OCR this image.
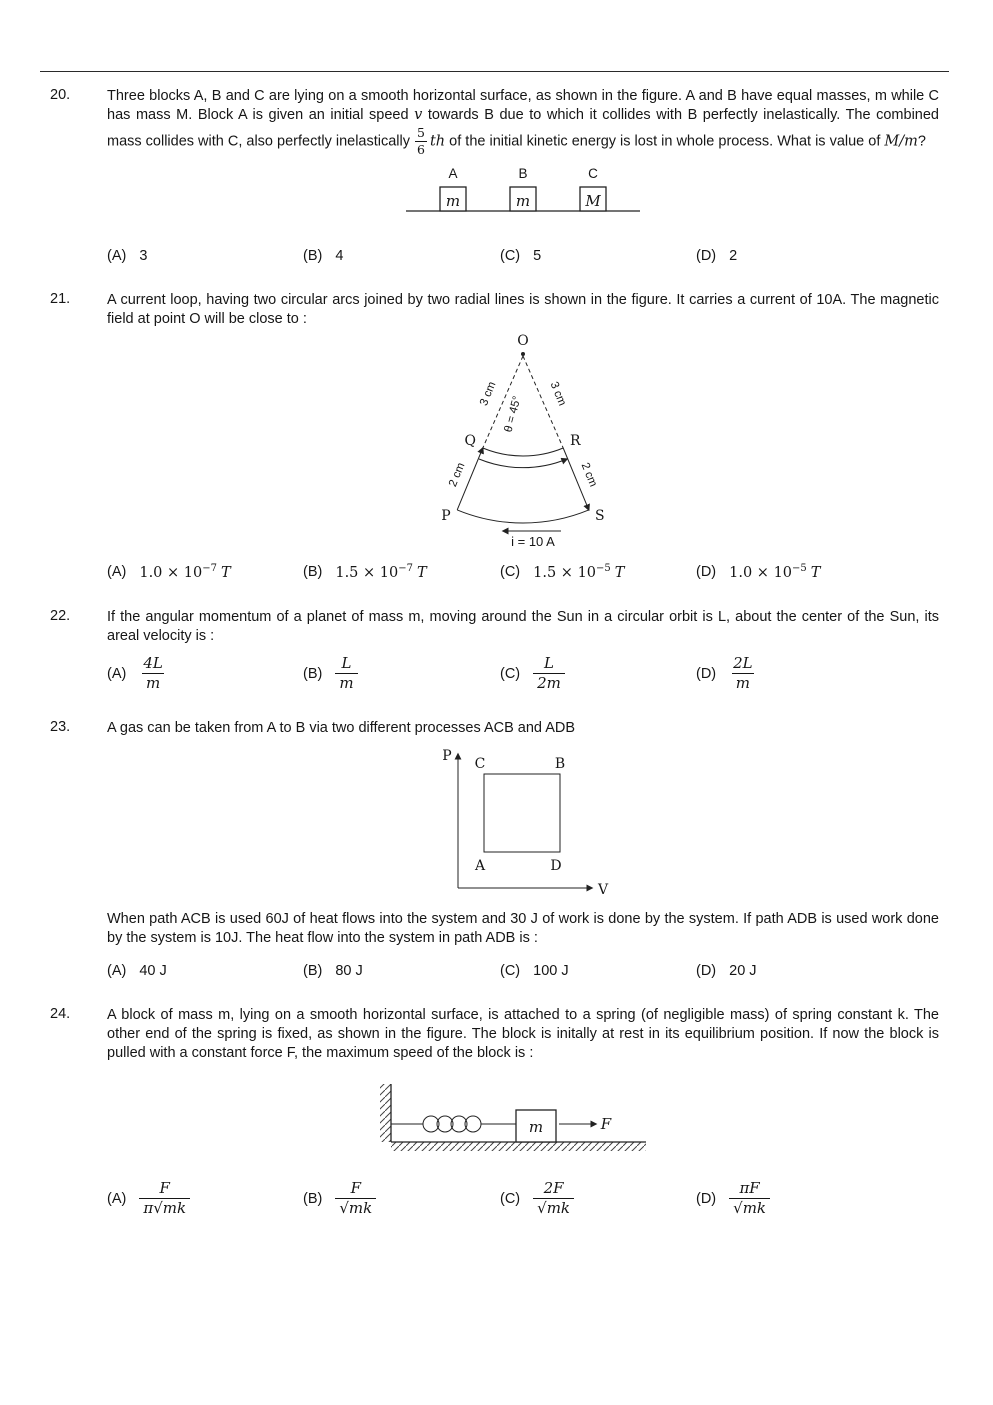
20.	Three blocks A, B and C are lying on a smooth horizontal surface, as shown in the figure. A and B have equal masses, m while C has mass M. Block A is given an initial speed v towards B due to which it collides with B perfectly inelastically. The combined mass collides with C, also perfectly inelastically $\frac{5}{6}$ th of the initial kinetic energy is lost in whole process. What is value of M/m?

A	B	C
m	m	M
(A) 3	(B) 4	(C) 5	(D) 2
21.	A current loop, having two circular arcs joined by two radial lines is shown in the figure. It carries a current of 10A. The magnetic field at point O will be close to :

O
3 cm	3 cm
θ = 45°
2 cm	2 cm
Q	R
P	S
i = 10 A
(A) $1.0 \times 10^{-7}$ T	(B) $1.5 \times 10^{-7}$ T	(C) $1.5 \times 10^{-5}$ T	(D) $1.0 \times 10^{-5}$ T
22.	If the angular momentum of a planet of mass m, moving around the Sun in a circular orbit is L, about the center of the Sun, its areal velocity is :

$(A) \frac{4L}{m}$	$(B) \frac{L}{m}$	$(C) \frac{L}{2m}$	$(D) \frac{2L}{m}$
23.	A gas can be taken from A to B via two different processes ACB and ADB

P
V
C	B
A	D

When path ACB is used 60J of heat flows into the system and 30 J of work is done by the system. If path ADB is used work done by the system is 10J. The heat flow into the system in path ADB is :

(A) 40 J	(B) 80 J	(C) 100 J	(D) 20 J
24.	A block of mass m, lying on a smooth horizontal surface, is attached to a spring (of negligible mass) of spring constant k. The other end of the spring is fixed, as shown in the figure. The block is initally at rest in its equilibrium position. If now the block is pulled with a constant force F, the maximum speed of the block is :

m	F
$(A) \frac{F}{\pi√mk}$	$(B) \frac{F}{√mk}$	$(C) \frac{2F}{√mk}$	$(D) \frac{\pi F}{√mk}$
